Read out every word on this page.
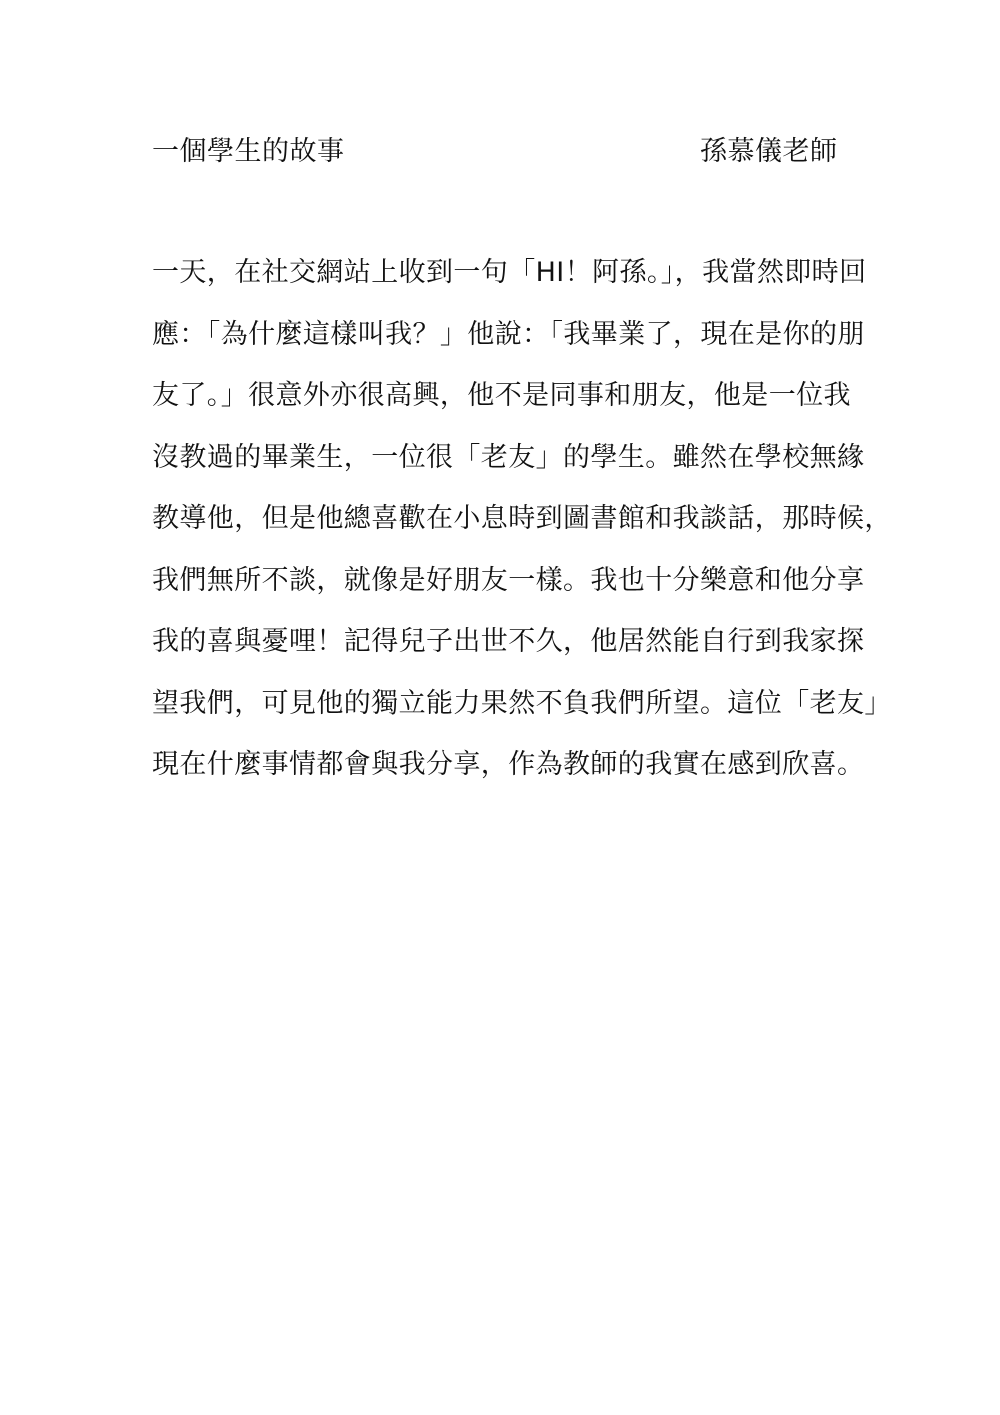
一個學生的故事	孫慕儀老師
一天，在社交網站上收到一句「HI！阿孫。」，我當然即時回
應：「為什麼這樣叫我？」他說：「我畢業了，現在是你的朋
友了。」很意外亦很高興，他不是同事和朋友，他是一位我
沒教過的畢業生，一位很「老友」的學生。雖然在學校無緣
教導他，但是他總喜歡在小息時到圖書館和我談話，那時候，
我們無所不談，就像是好朋友一樣。我也十分樂意和他分享
我的喜與憂哩！記得兒子出世不久，他居然能自行到我家探
望我們，可見他的獨立能力果然不負我們所望。這位「老友」
現在什麼事情都會與我分享，作為教師的我實在感到欣喜。
